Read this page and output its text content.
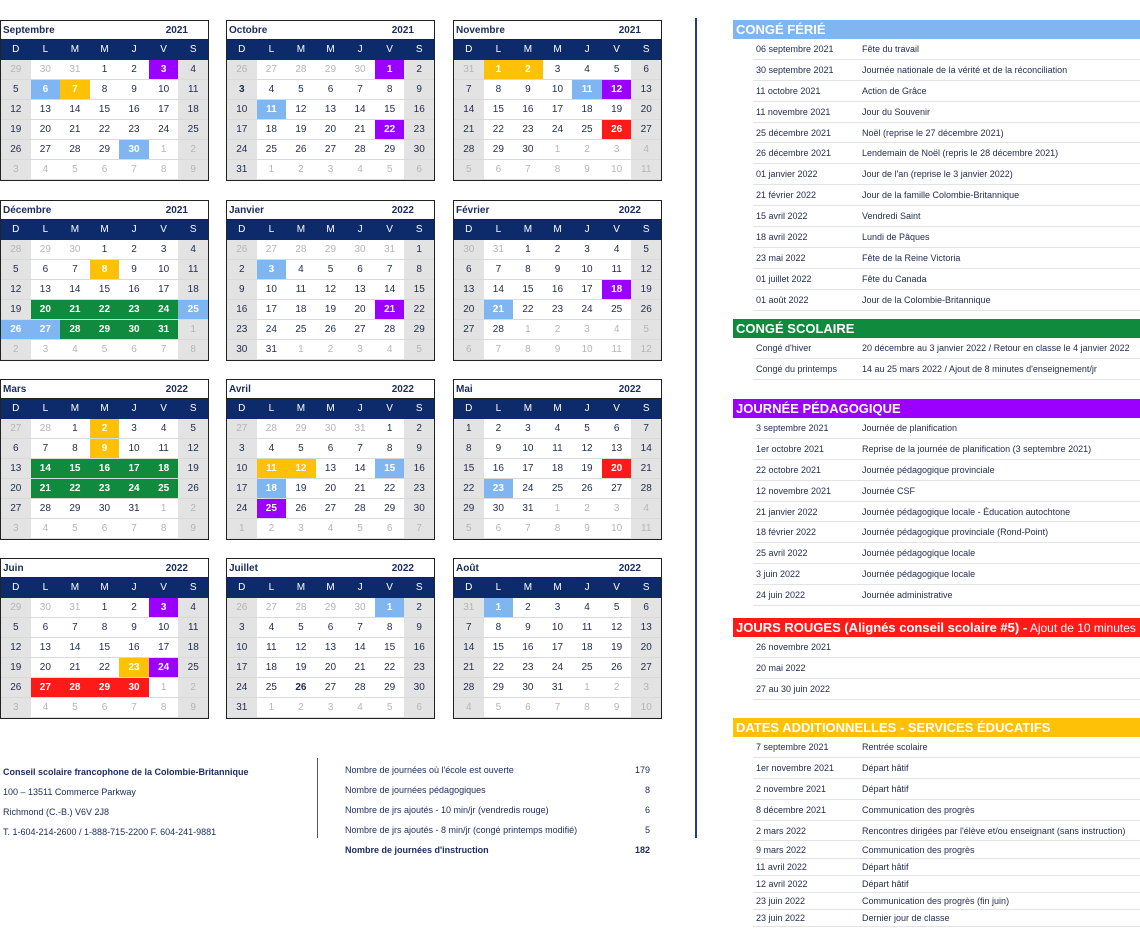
Septembre	2021
D	L	M	M	J	V	S
29	30	31	1	2	3	4
5	6	7	8	9	10	11
12	13	14	15	16	17	18
19	20	21	22	23	24	25
26	27	28	29	30	1	2
3	4	5	6	7	8	9
Octobre	2021
D	L	M	M	J	V	S
26	27	28	29	30	1	2
3	4	5	6	7	8	9
10	11	12	13	14	15	16
17	18	19	20	21	22	23
24	25	26	27	28	29	30
31	1	2	3	4	5	6
Novembre	2021
D	L	M	M	J	V	S
31	1	2	3	4	5	6
7	8	9	10	11	12	13
14	15	16	17	18	19	20
21	22	23	24	25	26	27
28	29	30	1	2	3	4
5	6	7	8	9	10	11
Décembre	2021
D	L	M	M	J	V	S
28	29	30	1	2	3	4
5	6	7	8	9	10	11
12	13	14	15	16	17	18
19	20	21	22	23	24	25
26	27	28	29	30	31	1
2	3	4	5	6	7	8
Janvier	2022
D	L	M	M	J	V	S
26	27	28	29	30	31	1
2	3	4	5	6	7	8
9	10	11	12	13	14	15
16	17	18	19	20	21	22
23	24	25	26	27	28	29
30	31	1	2	3	4	5
Février	2022
D	L	M	M	J	V	S
30	31	1	2	3	4	5
6	7	8	9	10	11	12
13	14	15	16	17	18	19
20	21	22	23	24	25	26
27	28	1	2	3	4	5
6	7	8	9	10	11	12
Mars	2022
D	L	M	M	J	V	S
27	28	1	2	3	4	5
6	7	8	9	10	11	12
13	14	15	16	17	18	19
20	21	22	23	24	25	26
27	28	29	30	31	1	2
3	4	5	6	7	8	9
Avril	2022
D	L	M	M	J	V	S
27	28	29	30	31	1	2
3	4	5	6	7	8	9
10	11	12	13	14	15	16
17	18	19	20	21	22	23
24	25	26	27	28	29	30
1	2	3	4	5	6	7
Mai	2022
D	L	M	M	J	V	S
1	2	3	4	5	6	7
8	9	10	11	12	13	14
15	16	17	18	19	20	21
22	23	24	25	26	27	28
29	30	31	1	2	3	4
5	6	7	8	9	10	11
Juin	2022
D	L	M	M	J	V	S
29	30	31	1	2	3	4
5	6	7	8	9	10	11
12	13	14	15	16	17	18
19	20	21	22	23	24	25
26	27	28	29	30	1	2
3	4	5	6	7	8	9
Juillet	2022
D	L	M	M	J	V	S
26	27	28	29	30	1	2
3	4	5	6	7	8	9
10	11	12	13	14	15	16
17	18	19	20	21	22	23
24	25	26	27	28	29	30
31	1	2	3	4	5	6
Août	2022
D	L	M	M	J	V	S
31	1	2	3	4	5	6
7	8	9	10	11	12	13
14	15	16	17	18	19	20
21	22	23	24	25	26	27
28	29	30	31	1	2	3
4	5	6	7	8	9	10
Conseil scolaire francophone de la Colombie-Britannique
100 – 13511 Commerce Parkway
Richmond (C.-B.) V6V 2J8
T. 1-604-214-2600 / 1-888-715-2200 F. 604-241-9881
Nombre de journées où l'école est ouverte	179
Nombre de journées pédagogiques	8
Nombre de jrs ajoutés - 10 min/jr (vendredis rouge)	6
Nombre de jrs ajoutés - 8 min/jr (congé printemps modifié)	5
Nombre de journées d'instruction	182
CONGÉ FÉRIÉ
06 septembre 2021	Fête du travail
30 septembre 2021	Journée nationale de la vérité et de la réconciliation
11 octobre 2021	Action de Grâce
11 novembre 2021	Jour du Souvenir
25 décembre 2021	Noël (reprise le 27 décembre 2021)
26 décembre 2021	Lendemain de Noël (repris le 28 décembre 2021)
01 janvier 2022	Jour de l'an (reprise le 3 janvier 2022)
21 février 2022	Jour de la famille Colombie-Britannique
15 avril 2022	Vendredi Saint
18 avril 2022	Lundi de Pâques
23 mai 2022	Fête de la Reine Victoria
01 juillet 2022	Fête du Canada
01 août 2022	Jour de la Colombie-Britannique
CONGÉ SCOLAIRE
Congé d'hiver	20 décembre au 3 janvier 2022 / Retour en classe le 4 janvier 2022
Congé du printemps	14 au 25 mars 2022 / Ajout de 8 minutes d'enseignement/jr
JOURNÉE PÉDAGOGIQUE
3 septembre 2021	Journée de planification
1er octobre 2021	Reprise de la journée de planification (3 septembre 2021)
22 octobre 2021	Journée pédagogique provinciale
12 novembre 2021	Journée CSF
21 janvier 2022	Journée pédagogique locale - Éducation autochtone
18 février 2022	Journée pédagogique provinciale (Rond-Point)
25 avril 2022	Journée pédagogique locale
3 juin 2022	Journée pédagogique locale
24 juin 2022	Journée administrative
JOURS ROUGES (Alignés conseil scolaire #5) - Ajout de 10 minutes
26 novembre 2021
20 mai 2022
27 au 30 juin 2022
DATES ADDITIONNELLES - SERVICES ÉDUCATIFS
7 septembre 2021	Rentrée scolaire
1er novembre 2021	Départ hâtif
2 novembre 2021	Départ hâtif
8 décembre 2021	Communication des progrès
2 mars 2022	Rencontres dirigées par l'élève et/ou enseignant (sans instruction)
9 mars 2022	Communication des progrès
11 avril 2022	Départ hâtif
12 avril 2022	Départ hâtif
23 juin 2022	Communication des progrès (fin juin)
23 juin 2022	Dernier jour de classe
